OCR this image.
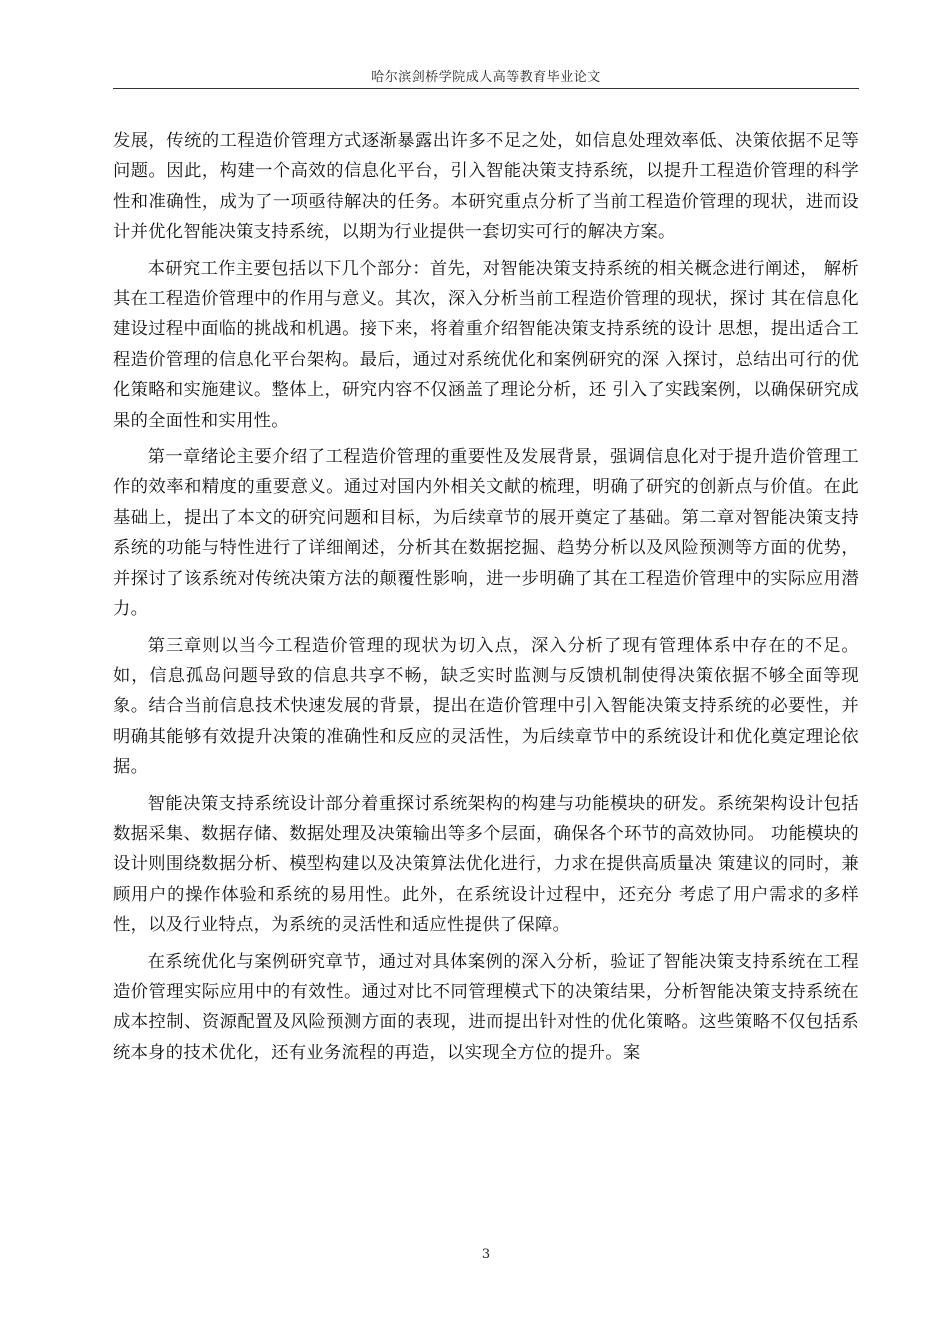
哈尔滨剑桥学院成人高等教育毕业论文

发展，传统的工程造价管理方式逐渐暴露出许多不足之处，如信息处理效率低、决策依据不足等问题。因此，构建一个高效的信息化平台，引入智能决策支持系统，以提升工程造价管理的科学性和准确性，成为了一项亟待解决的任务。本研究重点分析了当前工程造价管理的现状，进而设计并优化智能决策支持系统，以期为行业提供一套切实可行的解决方案。

本研究工作主要包括以下几个部分：首先，对智能决策支持系统的相关概念进行阐述， 解析其在工程造价管理中的作用与意义。其次，深入分析当前工程造价管理的现状，探讨 其在信息化建设过程中面临的挑战和机遇。接下来，将着重介绍智能决策支持系统的设计 思想，提出适合工程造价管理的信息化平台架构。最后，通过对系统优化和案例研究的深 入探讨，总结出可行的优化策略和实施建议。整体上，研究内容不仅涵盖了理论分析，还 引入了实践案例，以确保研究成果的全面性和实用性。

第一章绪论主要介绍了工程造价管理的重要性及发展背景，强调信息化对于提升造价管理工作的效率和精度的重要意义。通过对国内外相关文献的梳理，明确了研究的创新点与价值。在此基础上，提出了本文的研究问题和目标，为后续章节的展开奠定了基础。第二章对智能决策支持系统的功能与特性进行了详细阐述，分析其在数据挖掘、趋势分析以及风险预测等方面的优势，并探讨了该系统对传统决策方法的颠覆性影响，进一步明确了其在工程造价管理中的实际应用潜力。

第三章则以当今工程造价管理的现状为切入点，深入分析了现有管理体系中存在的不足。如，信息孤岛问题导致的信息共享不畅，缺乏实时监测与反馈机制使得决策依据不够全面等现象。结合当前信息技术快速发展的背景，提出在造价管理中引入智能决策支持系统的必要性，并明确其能够有效提升决策的准确性和反应的灵活性，为后续章节中的系统设计和优化奠定理论依据。

智能决策支持系统设计部分着重探讨系统架构的构建与功能模块的研发。系统架构设计包括数据采集、数据存储、数据处理及决策输出等多个层面，确保各个环节的高效协同。 功能模块的设计则围绕数据分析、模型构建以及决策算法优化进行，力求在提供高质量决 策建议的同时，兼顾用户的操作体验和系统的易用性。此外，在系统设计过程中，还充分 考虑了用户需求的多样性，以及行业特点，为系统的灵活性和适应性提供了保障。

在系统优化与案例研究章节，通过对具体案例的深入分析，验证了智能决策支持系统在工程造价管理实际应用中的有效性。通过对比不同管理模式下的决策结果，分析智能决策支持系统在成本控制、资源配置及风险预测方面的表现，进而提出针对性的优化策略。这些策略不仅包括系统本身的技术优化，还有业务流程的再造，以实现全方位的提升。案

3
